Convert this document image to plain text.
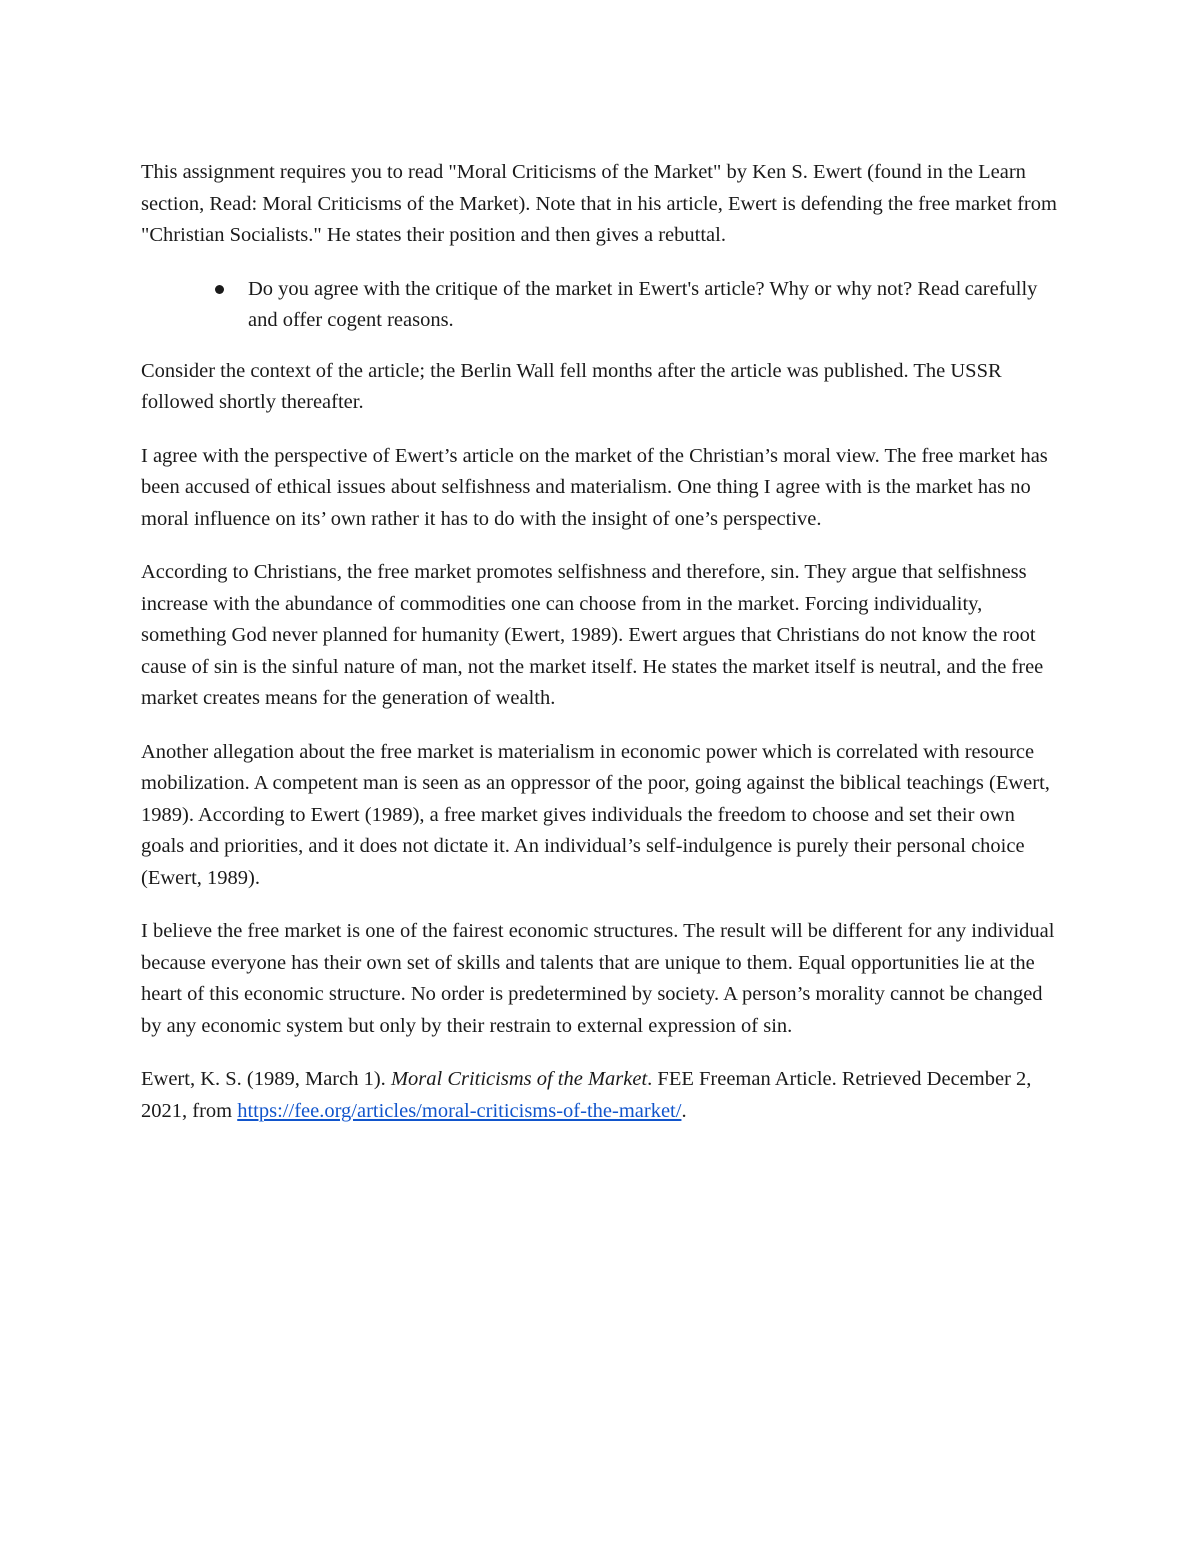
This assignment requires you to read "Moral Criticisms of the Market" by Ken S. Ewert (found in the Learn section, Read: Moral Criticisms of the Market). Note that in his article, Ewert is defending the free market from "Christian Socialists." He states their position and then gives a rebuttal.

Do you agree with the critique of the market in Ewert's article? Why or why not? Read carefully and offer cogent reasons.

Consider the context of the article; the Berlin Wall fell months after the article was published. The USSR followed shortly thereafter.

I agree with the perspective of Ewert’s article on the market of the Christian’s moral view. The free market has been accused of ethical issues about selfishness and materialism. One thing I agree with is the market has no moral influence on its’ own rather it has to do with the insight of one’s perspective.

According to Christians, the free market promotes selfishness and therefore, sin. They argue that selfishness increase with the abundance of commodities one can choose from in the market. Forcing individuality, something God never planned for humanity (Ewert, 1989). Ewert argues that Christians do not know the root cause of sin is the sinful nature of man, not the market itself. He states the market itself is neutral, and the free market creates means for the generation of wealth.

Another allegation about the free market is materialism in economic power which is correlated with resource mobilization. A competent man is seen as an oppressor of the poor, going against the biblical teachings (Ewert, 1989). According to Ewert (1989), a free market gives individuals the freedom to choose and set their own goals and priorities, and it does not dictate it. An individual’s self-indulgence is purely their personal choice (Ewert, 1989).

I believe the free market is one of the fairest economic structures. The result will be different for any individual because everyone has their own set of skills and talents that are unique to them. Equal opportunities lie at the heart of this economic structure. No order is predetermined by society. A person’s morality cannot be changed by any economic system but only by their restrain to external expression of sin.

Ewert, K. S. (1989, March 1). Moral Criticisms of the Market. FEE Freeman Article. Retrieved December 2, 2021, from https://fee.org/articles/moral-criticisms-of-the-market/.
